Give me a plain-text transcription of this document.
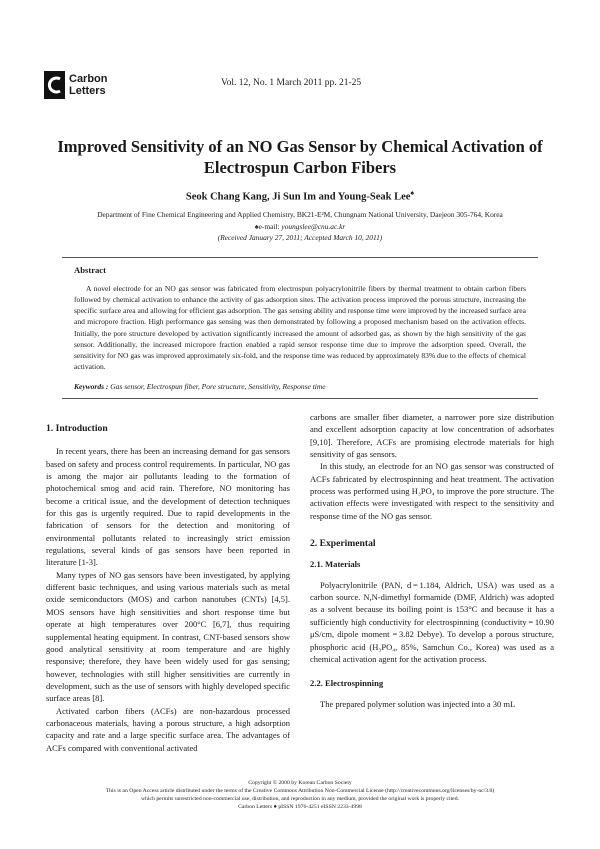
Carbon
Letters
Vol. 12, No. 1 March 2011 pp. 21-25
Improved Sensitivity of an NO Gas Sensor by Chemical Activation of
Electrospun Carbon Fibers
Seok Chang Kang, Ji Sun Im and Young-Seak Lee♠
Department of Fine Chemical Engineering and Applied Chemistry, BK21-E²M, Chungnam National University, Daejeon 305-764, Korea
♠e-mail: youngslee@cnu.ac.kr
(Received January 27, 2011; Accepted March 10, 2011)
Abstract

A novel electrode for an NO gas sensor was fabricated from electrospun polyacrylonitrile fibers by thermal treatment to obtain carbon fibers followed by chemical activation to enhance the activity of gas adsorption sites. The activation process improved the porous structure, increasing the specific surface area and allowing for efficient gas adsorption. The gas sensing ability and response time were improved by the increased surface area and micropore fraction. High performance gas sensing was then demonstrated by following a proposed mechanism based on the activation effects. Initially, the pore structure developed by activation significantly increased the amount of adsorbed gas, as shown by the high sensitivity of the gas sensor. Additionally, the increased micropore fraction enabled a rapid sensor response time due to improve the adsorption speed. Overall, the sensitivity for NO gas was improved approximately six-fold, and the response time was reduced by approximately 83% due to the effects of chemical activation.

Keywords : Gas sensor, Electrospun fiber, Pore structure, Sensitivity, Response time
1. Introduction

In recent years, there has been an increasing demand for gas sensors based on safety and process control requirements. In particular, NO gas is among the major air pollutants leading to the formation of photochemical smog and acid rain. Therefore, NO monitoring has become a critical issue, and the development of detection techniques for this gas is urgently required. Due to rapid developments in the fabrication of sensors for the detection and monitoring of environmental pollutants related to increasingly strict emission regulations, several kinds of gas sensors have been reported in literature [1-3].

Many types of NO gas sensors have been investigated, by applying different basic techniques, and using various materials such as metal oxide semiconductors (MOS) and carbon nanotubes (CNTs) [4,5]. MOS sensors have high sensitivities and short response time but operate at high temperatures over 200°C [6,7], thus requiring supplemental heating equipment. In contrast, CNT-based sensors show good analytical sensitivity at room temperature and are highly responsive; therefore, they have been widely used for gas sensing; however, technologies with still higher sensitivities are currently in development, such as the use of sensors with highly developed specific surface areas [8].

Activated carbon fibers (ACFs) are non-hazardous processed carbonaceous materials, having a porous structure, a high adsorption capacity and rate and a large specific surface area. The advantages of ACFs compared with conventional activated

carbons are smaller fiber diameter, a narrower pore size distribution and excellent adsorption capacity at low concentration of adsorbates [9,10]. Therefore, ACFs are promising electrode materials for high sensitivity of gas sensors.

In this study, an electrode for an NO gas sensor was constructed of ACFs fabricated by electrospinning and heat treatment. The activation process was performed using H₃PO₄ to improve the pore structure. The activation effects were investigated with respect to the sensitivity and response time of the NO gas sensor.

2. Experimental
2.1. Materials

Polyacrylonitrile (PAN, d = 1.184, Aldrich, USA) was used as a carbon source. N,N-dimethyl formamide (DMF, Aldrich) was adopted as a solvent because its boiling point is 153°C and because it has a sufficiently high conductivity for electrospinning (conductivity = 10.90 μS/cm, dipole moment = 3.82 Debye). To develop a porous structure, phosphoric acid (H₃PO₄, 85%, Samchun Co., Korea) was used as a chemical activation agent for the activation process.

2.2. Electrospinning

The prepared polymer solution was injected into a 30 mL

Copyright © 2000 by Korean Carbon Society
This is an Open Access article distributed under the terms of the Creative Commons Attribution Non-Commercial License (http://creativecommons.org/licenses/by-nc/3.0)
which permits unrestricted non-commercial use, distribution, and reproduction in any medium, provided the original work is properly cited.
Carbon Letters ● pISSN 1976-4251 eISSN 2233-4998
